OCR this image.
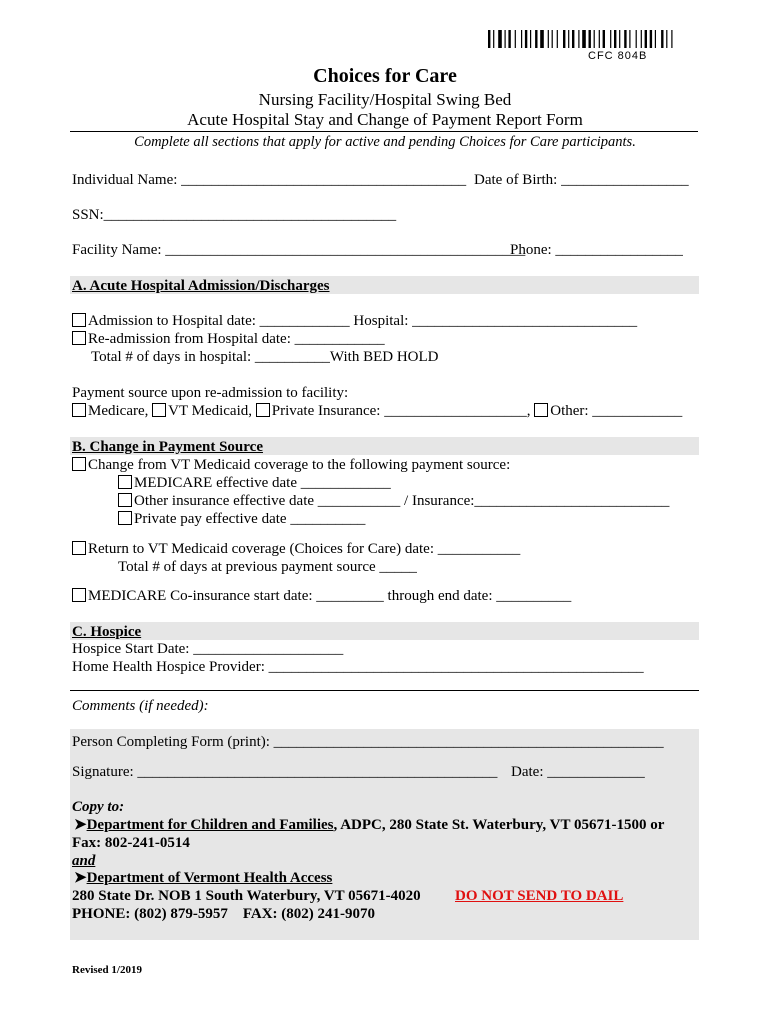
CFC 804B
Choices for Care
Nursing Facility/Hospital Swing Bed
Acute Hospital Stay and Change of Payment Report Form
Complete all sections that apply for active and pending Choices for Care participants.
Individual Name: ______________________________________ Date of Birth: _________________
SSN:_______________________________________
Facility Name: ________________________________________________
Phone: _________________
A. Acute Hospital Admission/Discharges
Admission to Hospital date: ____________ Hospital: ______________________________
Re-admission from Hospital date: ____________
Total # of days in hospital: __________With BED HOLD
Payment source upon re-admission to facility:
Medicare, VT Medicaid, Private Insurance: ___________________, Other: ____________
B. Change in Payment Source
Change from VT Medicaid coverage to the following payment source:
MEDICARE effective date ____________
Other insurance effective date ___________ / Insurance:__________________________
Private pay effective date __________
Return to VT Medicaid coverage (Choices for Care) date: ___________
Total # of days at previous payment source _____
MEDICARE Co-insurance start date: _________ through end date: __________
C. Hospice
Hospice Start Date: ____________________
Home Health Hospice Provider: __________________________________________________
Comments (if needed):
Person Completing Form (print): ____________________________________________________
Signature: ________________________________________________ Date: _____________
Copy to:
➤Department for Children and Families, ADPC, 280 State St. Waterbury, VT 05671-1500 or
Fax: 802-241-0514
and
➤Department of Vermont Health Access
280 State Dr. NOB 1 South Waterbury, VT 05671-4020 DO NOT SEND TO DAIL
PHONE: (802) 879-5957    FAX: (802) 241-9070
Revised 1/2019
